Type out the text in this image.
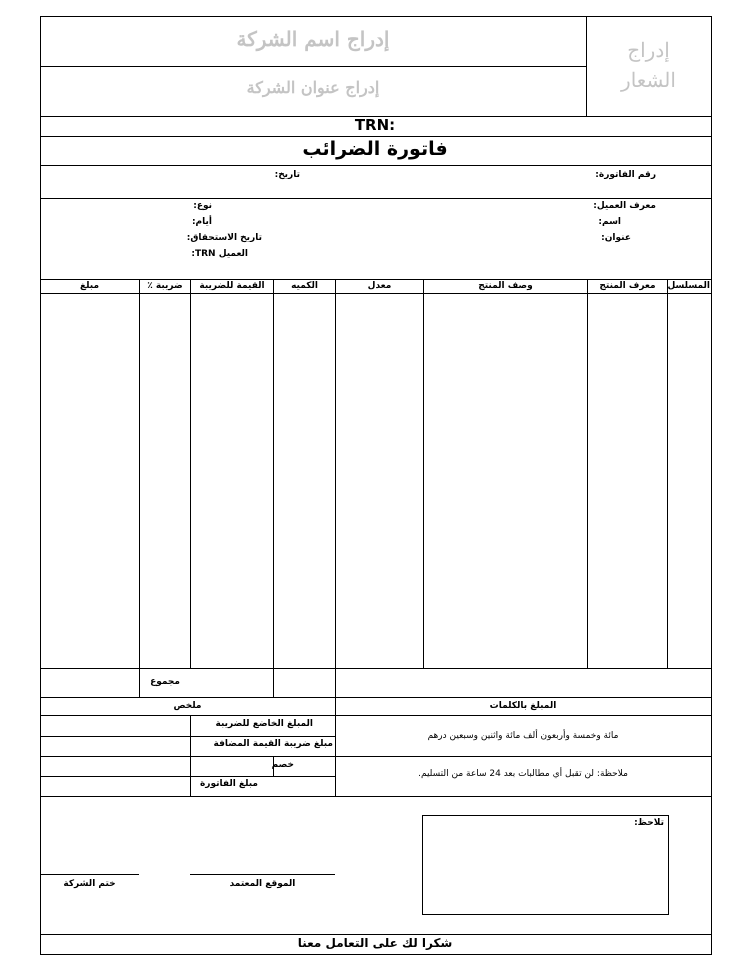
إدراج اسم الشركة
إدراج عنوان الشركة
إدراج
الشعار
TRN:
فاتورة الضرائب
رقم الفاتورة:
تاريخ:
معرف العميل:
اسم:
عنوان:
نوع:
أيام:
تاريخ الاستحقاق:
العميل TRN:
المسلسل
معرف المنتج
وصف المنتج
معدل
الكميه
القيمة للضريبة
ضريبة ٪
مبلغ
مجموع
ملخص	المبلغ بالكلمات
المبلغ الخاضع للضريبة
مبلغ ضريبة القيمة المضافة
خصم
مبلغ الفاتورة
مائة وخمسة وأربعون ألف مائة واثنين وسبعين درهم
ملاحظة: لن تقبل أي مطالبات بعد 24 ساعة من التسليم.
ختم الشركة	الموقع المعتمد
تلاحظ:
شكرا لك على التعامل معنا
